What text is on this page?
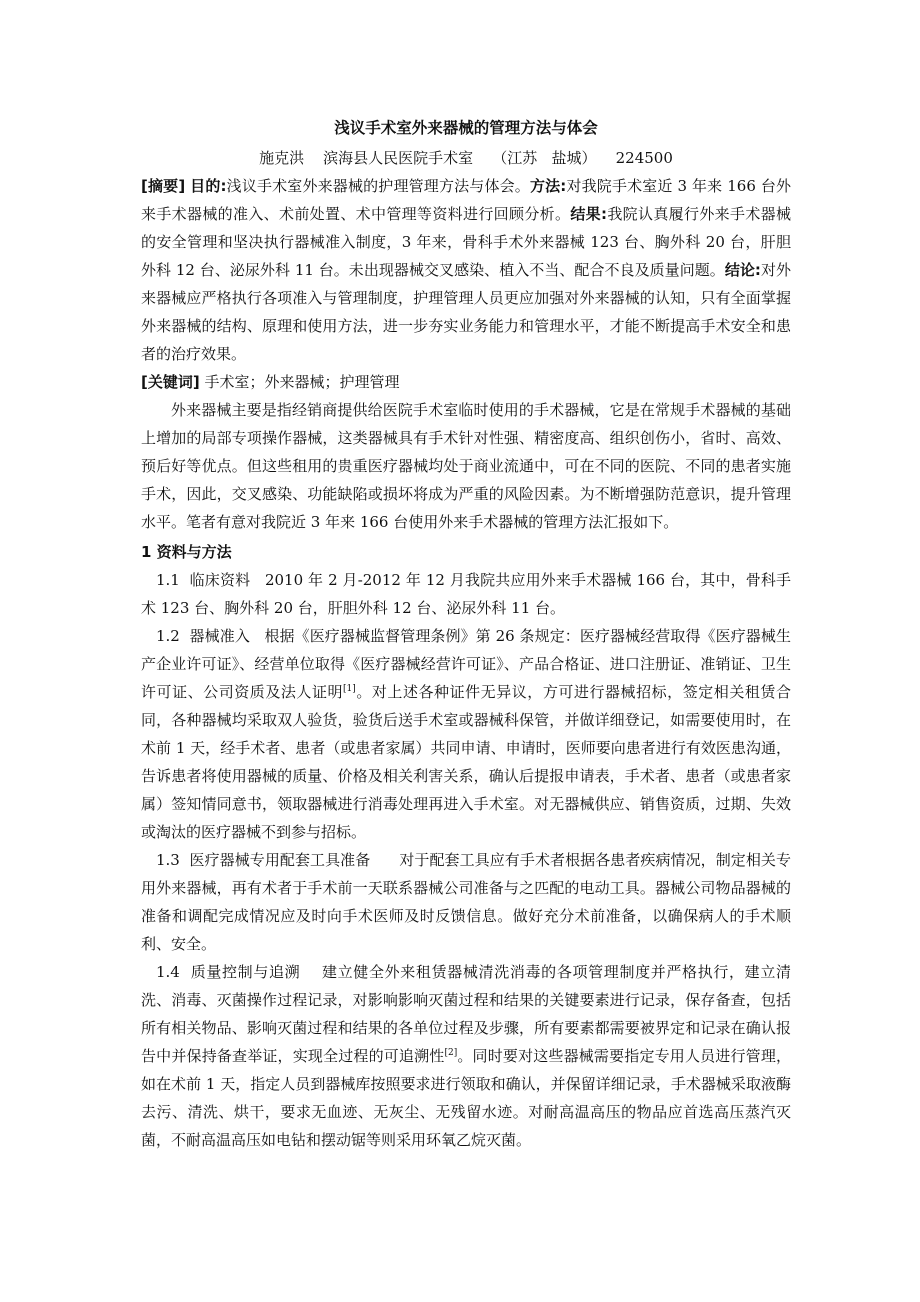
浅议手术室外来器械的管理方法与体会

施克洪    滨海县人民医院手术室    （江苏   盐城）    224500

[摘要] 目的:浅议手术室外来器械的护理管理方法与体会。方法:对我院手术室近 3 年来 166 台外来手术器械的准入、术前处置、术中管理等资料进行回顾分析。结果:我院认真履行外来手术器械的安全管理和坚决执行器械准入制度，3 年来，骨科手术外来器械 123 台、胸外科 20 台，肝胆外科 12 台、泌尿外科 11 台。未出现器械交叉感染、植入不当、配合不良及质量问题。结论:对外来器械应严格执行各项准入与管理制度，护理管理人员更应加强对外来器械的认知，只有全面掌握外来器械的结构、原理和使用方法，进一步夯实业务能力和管理水平，才能不断提高手术安全和患者的治疗效果。

[关键词] 手术室；外来器械；护理管理

外来器械主要是指经销商提供给医院手术室临时使用的手术器械，它是在常规手术器械的基础上增加的局部专项操作器械，这类器械具有手术针对性强、精密度高、组织创伤小，省时、高效、预后好等优点。但这些租用的贵重医疗器械均处于商业流通中，可在不同的医院、不同的患者实施手术，因此，交叉感染、功能缺陷或损坏将成为严重的风险因素。为不断增强防范意识，提升管理水平。笔者有意对我院近 3 年来 166 台使用外来手术器械的管理方法汇报如下。

1 资料与方法

1.1  临床资料 2010 年 2 月-2012 年 12 月我院共应用外来手术器械 166 台，其中，骨科手术 123 台、胸外科 20 台，肝胆外科 12 台、泌尿外科 11 台。

1.2  器械准入 根据《医疗器械监督管理条例》第 26 条规定：医疗器械经营取得《医疗器械生产企业许可证》、经营单位取得《医疗器械经营许可证》、产品合格证、进口注册证、准销证、卫生许可证、公司资质及法人证明[1]。对上述各种证件无异议，方可进行器械招标，签定相关租赁合同，各种器械均采取双人验货，验货后送手术室或器械科保管，并做详细登记，如需要使用时，在术前 1 天，经手术者、患者（或患者家属）共同申请、申请时，医师要向患者进行有效医患沟通，告诉患者将使用器械的质量、价格及相关利害关系，确认后提报申请表，手术者、患者（或患者家属）签知情同意书，领取器械进行消毒处理再进入手术室。对无器械供应、销售资质，过期、失效或淘汰的医疗器械不到参与招标。

1.3  医疗器械专用配套工具准备 对于配套工具应有手术者根据各患者疾病情况，制定相关专用外来器械，再有术者于手术前一天联系器械公司准备与之匹配的电动工具。器械公司物品器械的准备和调配完成情况应及时向手术医师及时反馈信息。做好充分术前准备，以确保病人的手术顺利、安全。

1.4  质量控制与追溯 建立健全外来租赁器械清洗消毒的各项管理制度并严格执行，建立清洗、消毒、灭菌操作过程记录，对影响影响灭菌过程和结果的关键要素进行记录，保存备查，包括所有相关物品、影响灭菌过程和结果的各单位过程及步骤，所有要素都需要被界定和记录在确认报告中并保持备查举证，实现全过程的可追溯性[2]。同时要对这些器械需要指定专用人员进行管理，如在术前 1 天，指定人员到器械库按照要求进行领取和确认，并保留详细记录，手术器械采取液酶去污、清洗、烘干，要求无血迹、无灰尘、无残留水迹。对耐高温高压的物品应首选高压蒸汽灭菌，不耐高温高压如电钻和摆动锯等则采用环氧乙烷灭菌。
